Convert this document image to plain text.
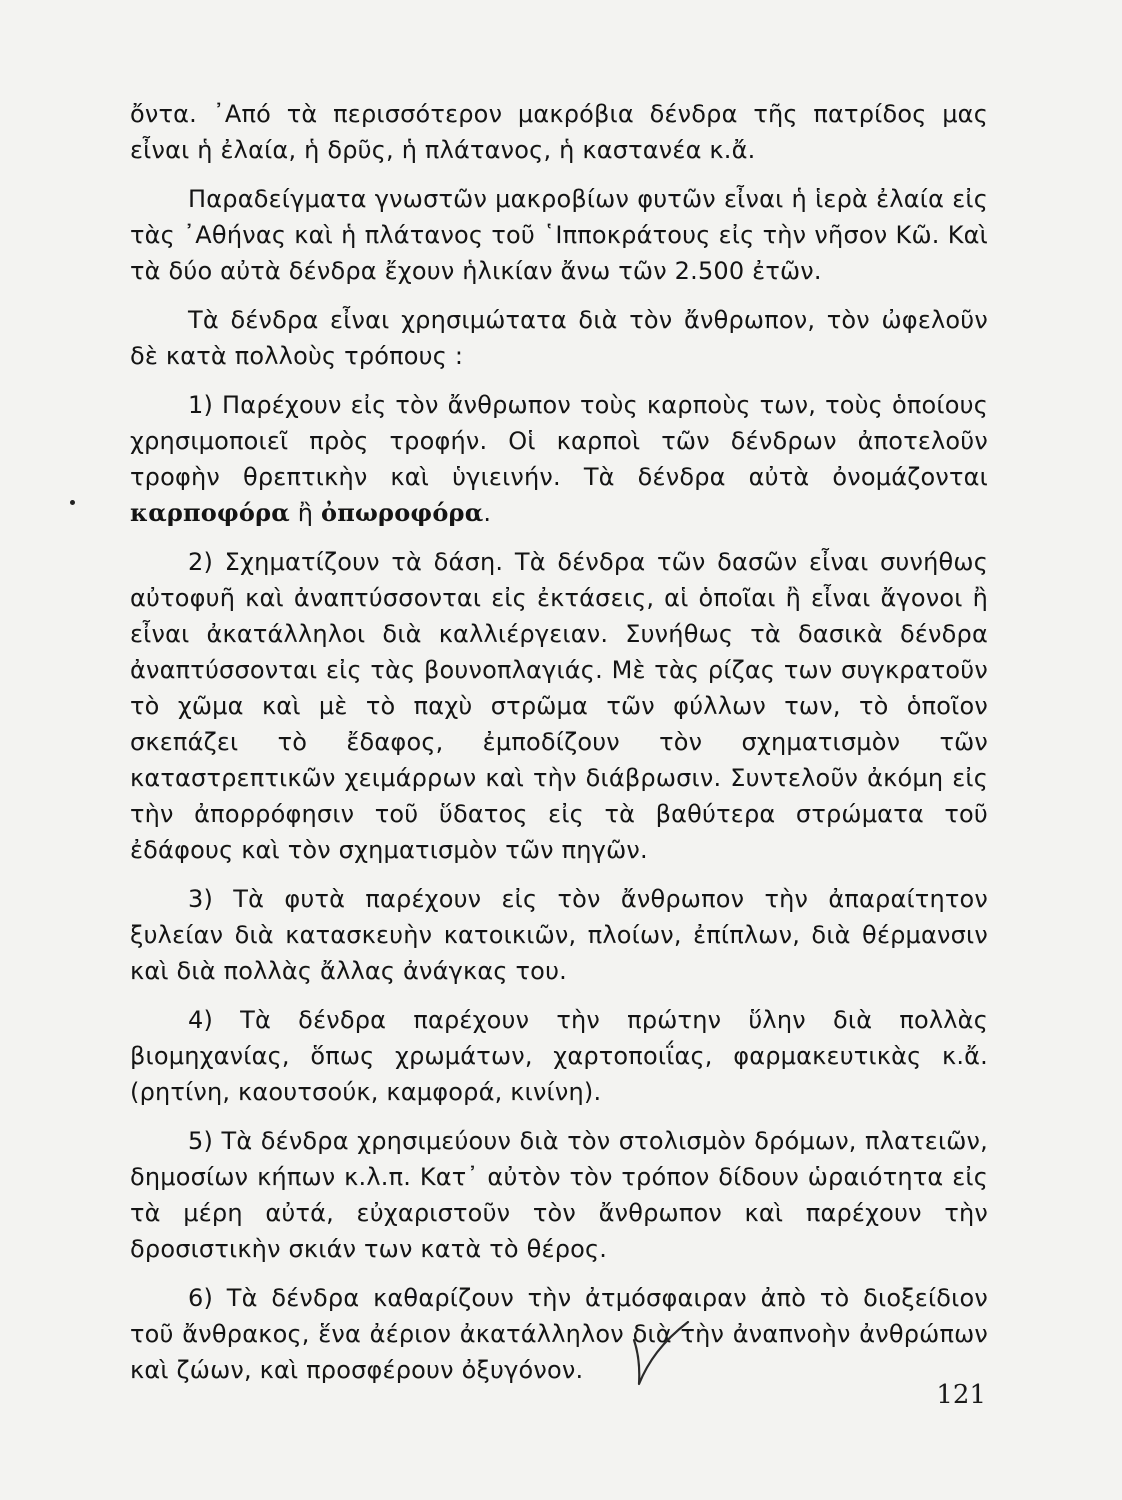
ὄντα. ᾿Από τὰ περισσότερον μακρόβια δένδρα τῆς πατρίδος μας εἶναι ἡ ἐλαία, ἡ δρῦς, ἡ πλάτανος, ἡ καστανέα κ.ἄ.

Παραδείγματα γνωστῶν μακροβίων φυτῶν εἶναι ἡ ἱερὰ ἐλαία εἰς τὰς ᾿Αθήνας καὶ ἡ πλάτανος τοῦ ῾Ιπποκράτους εἰς τὴν νῆσον Κῶ. Καὶ τὰ δύο αὐτὰ δένδρα ἔχουν ἡλικίαν ἄνω τῶν 2.500 ἐτῶν.

Τὰ δένδρα εἶναι χρησιμώτατα διὰ τὸν ἄνθρωπον, τὸν ὠφελοῦν δὲ κατὰ πολλοὺς τρόπους :

1) Παρέχουν εἰς τὸν ἄνθρωπον τοὺς καρποὺς των, τοὺς ὁποίους χρησιμοποιεῖ πρὸς τροφήν. Οἱ καρποὶ τῶν δένδρων ἀποτελοῦν τροφὴν θρεπτικὴν καὶ ὑγιεινήν. Τὰ δένδρα αὐτὰ ὀνομάζονται καρποφόρα ἢ ὀπωροφόρα.

2) Σχηματίζουν τὰ δάση. Τὰ δένδρα τῶν δασῶν εἶναι συνήθως αὐτοφυῆ καὶ ἀναπτύσσονται εἰς ἐκτάσεις, αἱ ὁποῖαι ἢ εἶναι ἄγονοι ἢ εἶναι ἀκατάλληλοι διὰ καλλιέργειαν. Συνήθως τὰ δασικὰ δένδρα ἀναπτύσσονται εἰς τὰς βουνοπλαγιάς. Μὲ τὰς ρίζας των συγκρατοῦν τὸ χῶμα καὶ μὲ τὸ παχὺ στρῶμα τῶν φύλλων των, τὸ ὁποῖον σκεπάζει τὸ ἔδαφος, ἐμποδίζουν τὸν σχηματισμὸν τῶν καταστρεπτικῶν χειμάρρων καὶ τὴν διάβρωσιν. Συντελοῦν ἀκόμη εἰς τὴν ἀπορρόφησιν τοῦ ὕδατος εἰς τὰ βαθύτερα στρώματα τοῦ ἐδάφους καὶ τὸν σχηματισμὸν τῶν πηγῶν.

3) Τὰ φυτὰ παρέχουν εἰς τὸν ἄνθρωπον τὴν ἀπαραίτητον ξυλείαν διὰ κατασκευὴν κατοικιῶν, πλοίων, ἐπίπλων, διὰ θέρμανσιν καὶ διὰ πολλὰς ἄλλας ἀνάγκας του.

4) Τὰ δένδρα παρέχουν τὴν πρώτην ὕλην διὰ πολλὰς βιομηχανίας, ὅπως χρωμάτων, χαρτοποιΐας, φαρμακευτικὰς κ.ἄ. (ρητίνη, καουτσούκ, καμφορά, κινίνη).

5) Τὰ δένδρα χρησιμεύουν διὰ τὸν στολισμὸν δρόμων, πλατειῶν, δημοσίων κήπων κ.λ.π. Κατ᾿ αὐτὸν τὸν τρόπον δίδουν ὡραιότητα εἰς τὰ μέρη αὐτά, εὐχαριστοῦν τὸν ἄνθρωπον καὶ παρέχουν τὴν δροσιστικὴν σκιάν των κατὰ τὸ θέρος.

6) Τὰ δένδρα καθαρίζουν τὴν ἀτμόσφαιραν ἀπὸ τὸ διοξείδιον τοῦ ἄνθρακος, ἕνα ἀέριον ἀκατάλληλον διὰ τὴν ἀναπνοὴν ἀνθρώπων καὶ ζώων, καὶ προσφέρουν ὀξυγόνον.

121
